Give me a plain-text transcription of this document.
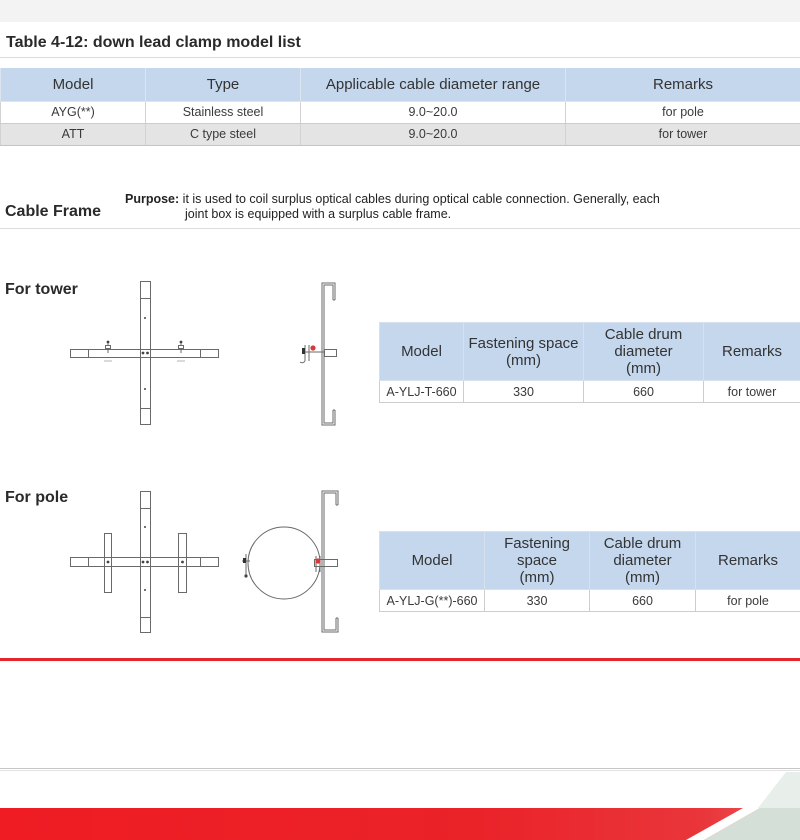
Table 4-12: down lead clamp model list
Model	Type	Applicable cable diameter range	Remarks
AYG(**)	Stainless steel	9.0~20.0	for pole
ATT	C type steel	9.0~20.0	for tower
Cable Frame
Purpose: it is used to coil surplus optical cables during optical cable connection. Generally, each
joint box is equipped with a surplus cable frame.
For tower
Model	Fastening space
(mm)	Cable drum
diameter
(mm)	Remarks

A-YLJ-T-660	330	660	for tower
For pole
Model	Fastening
space
(mm)	Cable drum
diameter
(mm)	Remarks

A-YLJ-G(**)-660	330	660	for pole
